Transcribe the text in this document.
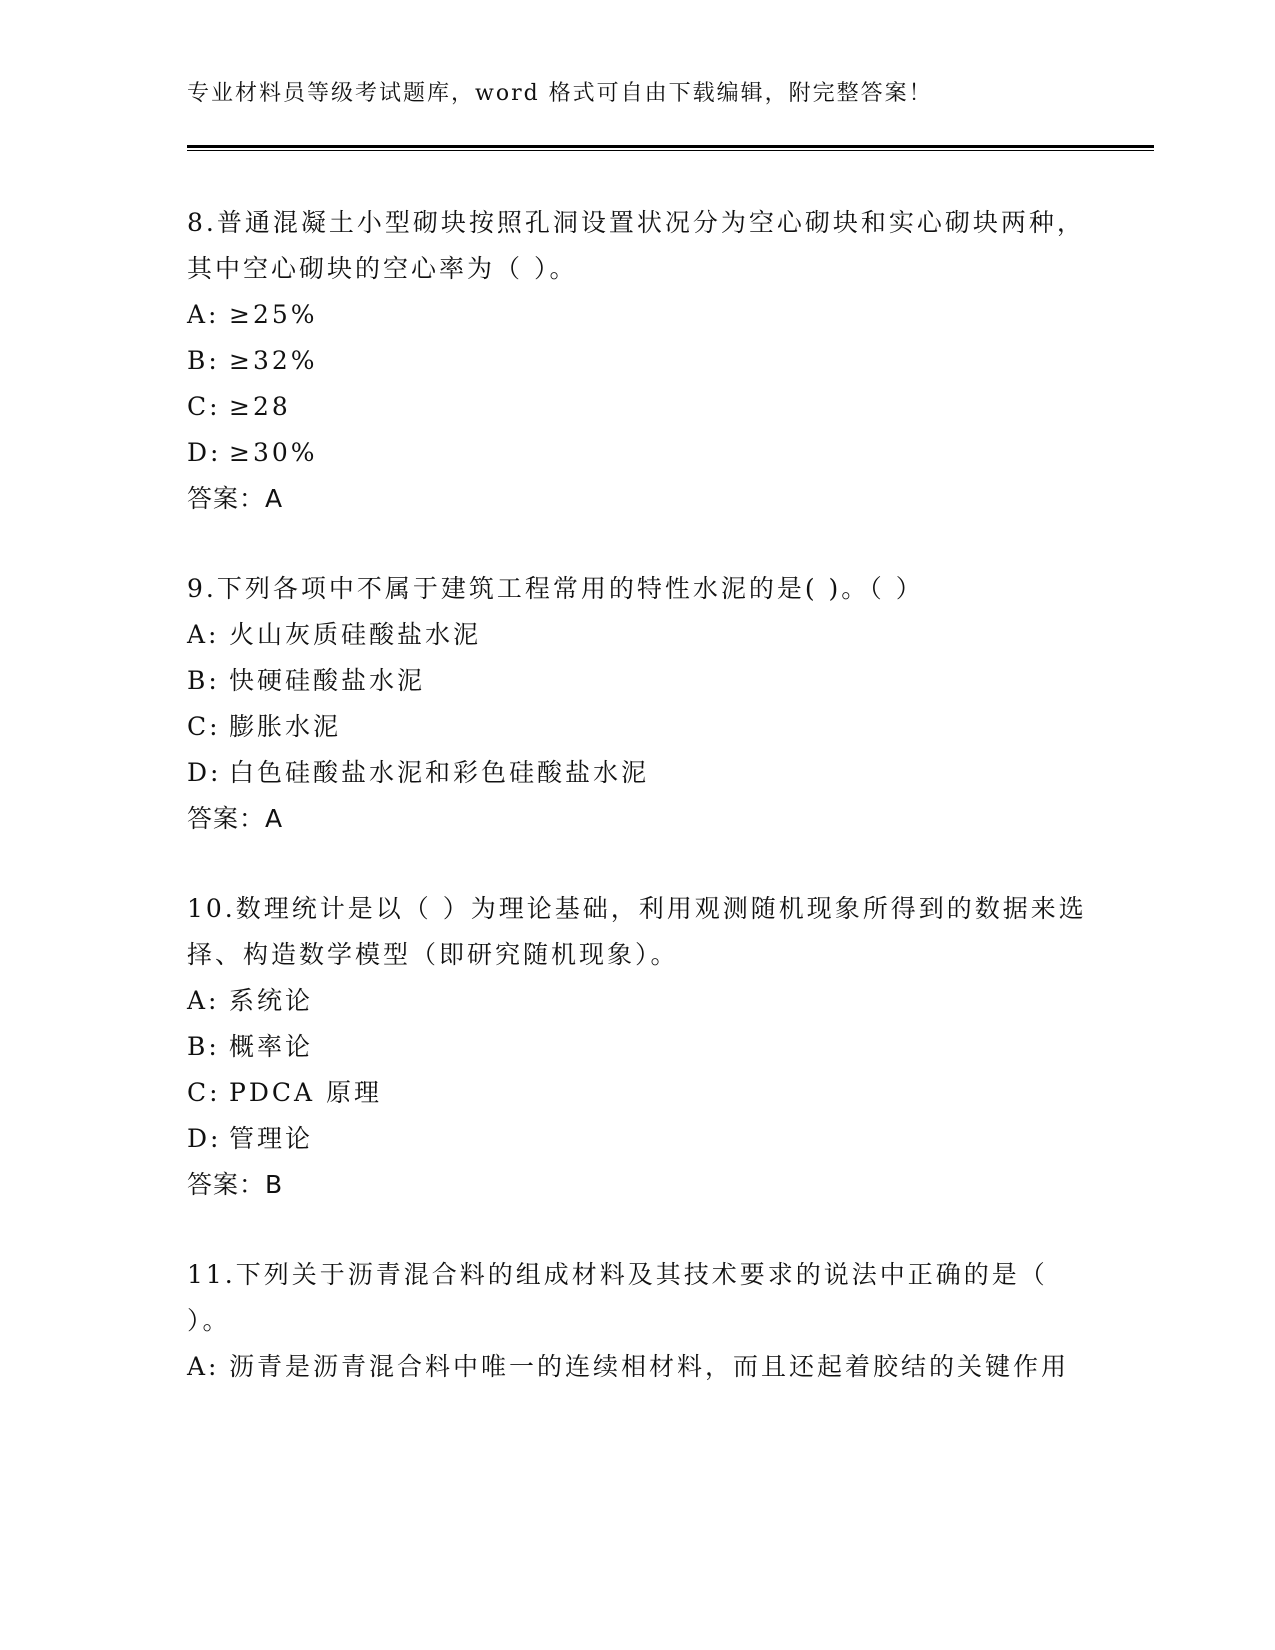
专业材料员等级考试题库，word 格式可自由下载编辑，附完整答案！

8.普通混凝土小型砌块按照孔洞设置状况分为空心砌块和实心砌块两种，其中空心砌块的空心率为（ ）。

A: ≥25%

B: ≥32%

C: ≥28

D: ≥30%

答案：A

9.下列各项中不属于建筑工程常用的特性水泥的是( )。（ ）

A: 火山灰质硅酸盐水泥

B: 快硬硅酸盐水泥

C: 膨胀水泥

D: 白色硅酸盐水泥和彩色硅酸盐水泥

答案：A

10.数理统计是以（ ）为理论基础，利用观测随机现象所得到的数据来选择、构造数学模型（即研究随机现象）。

A: 系统论

B: 概率论

C: PDCA 原理

D: 管理论

答案：B

11.下列关于沥青混合料的组成材料及其技术要求的说法中正确的是（ ）。

A: 沥青是沥青混合料中唯一的连续相材料，而且还起着胶结的关键作用
